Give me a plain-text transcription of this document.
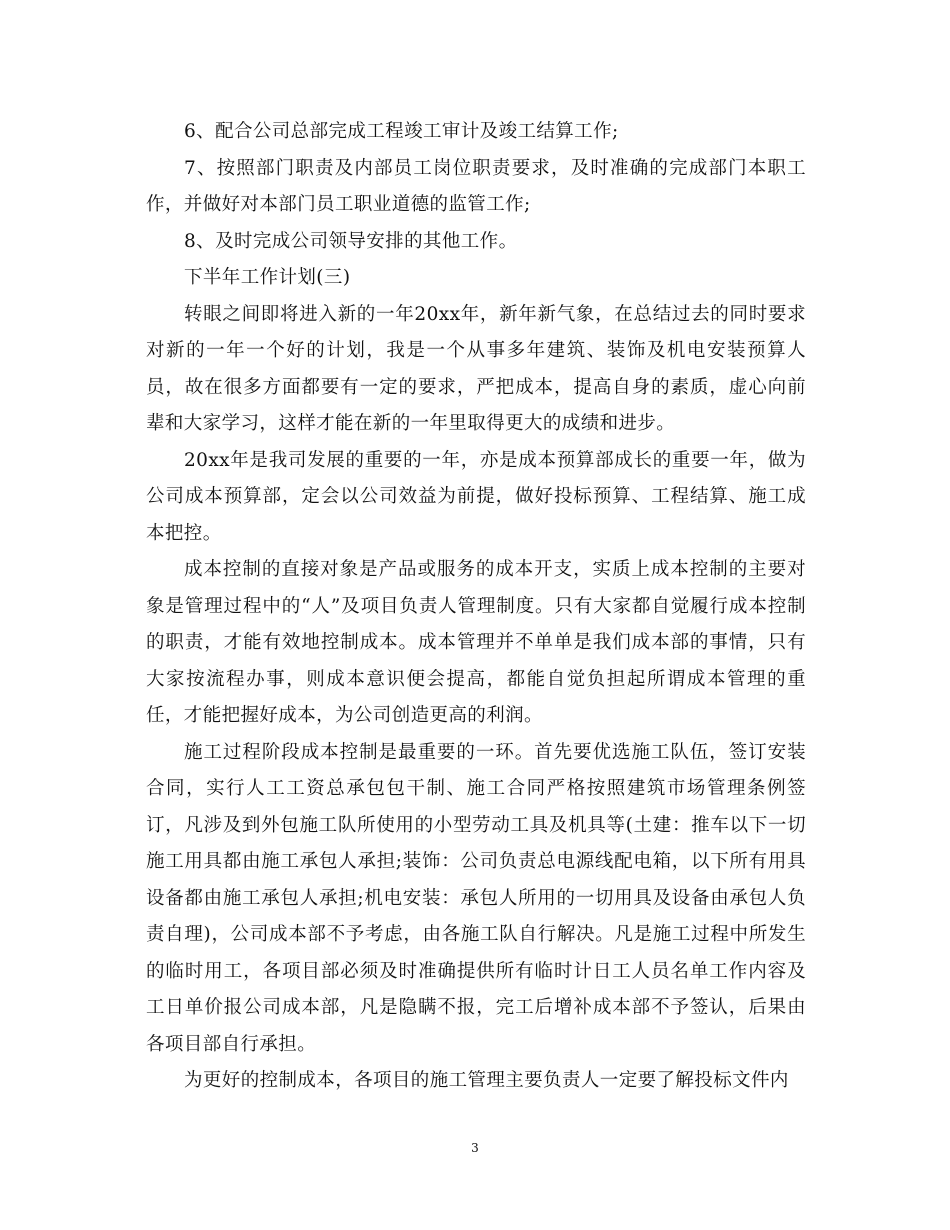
6、配合公司总部完成工程竣工审计及竣工结算工作;

7、按照部门职责及内部员工岗位职责要求，及时准确的完成部门本职工作，并做好对本部门员工职业道德的监管工作;

8、及时完成公司领导安排的其他工作。

下半年工作计划(三)

转眼之间即将进入新的一年20xx年，新年新气象，在总结过去的同时要求对新的一年一个好的计划，我是一个从事多年建筑、装饰及机电安装预算人员，故在很多方面都要有一定的要求，严把成本，提高自身的素质，虚心向前辈和大家学习，这样才能在新的一年里取得更大的成绩和进步。

20xx年是我司发展的重要的一年，亦是成本预算部成长的重要一年，做为公司成本预算部，定会以公司效益为前提，做好投标预算、工程结算、施工成本把控。

成本控制的直接对象是产品或服务的成本开支，实质上成本控制的主要对象是管理过程中的“人”及项目负责人管理制度。只有大家都自觉履行成本控制的职责，才能有效地控制成本。成本管理并不单单是我们成本部的事情，只有大家按流程办事，则成本意识便会提高，都能自觉负担起所谓成本管理的重任，才能把握好成本，为公司创造更高的利润。

施工过程阶段成本控制是最重要的一环。首先要优选施工队伍，签订安装合同，实行人工工资总承包包干制、施工合同严格按照建筑市场管理条例签订，凡涉及到外包施工队所使用的小型劳动工具及机具等(土建：推车以下一切施工用具都由施工承包人承担;装饰：公司负责总电源线配电箱，以下所有用具设备都由施工承包人承担;机电安装：承包人所用的一切用具及设备由承包人负责自理)，公司成本部不予考虑，由各施工队自行解决。凡是施工过程中所发生的临时用工，各项目部必须及时准确提供所有临时计日工人员名单工作内容及工日单价报公司成本部，凡是隐瞒不报，完工后增补成本部不予签认，后果由各项目部自行承担。

为更好的控制成本，各项目的施工管理主要负责人一定要了解投标文件内

3
